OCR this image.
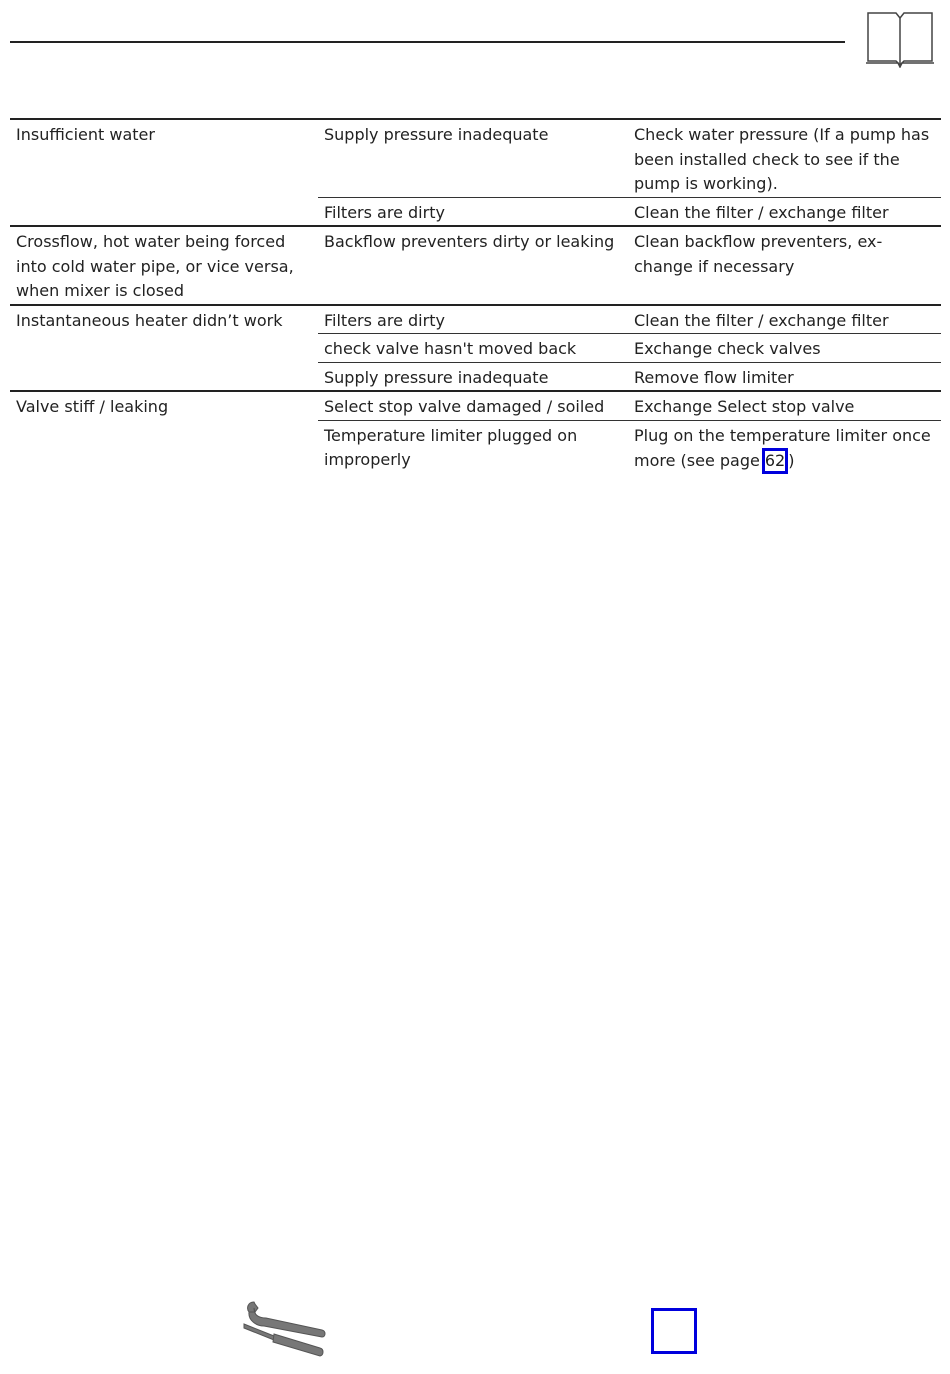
Insufficient water	Supply pressure inadequate	Check water pressure (If a pump has been installed check to see if the pump is working).
	Filters are dirty	Clean the filter / exchange filter
Crossflow, hot water being forced into cold water pipe, or vice versa, when mixer is closed	Backflow preventers dirty or leaking	Clean backflow preventers, ex-change if necessary
Instantaneous heater didn’t work	Filters are dirty	Clean the filter / exchange filter
	check valve hasn't moved back	Exchange check valves
	Supply pressure inadequate	Remove flow limiter
Valve stiff / leaking	Select stop valve damaged / soiled	Exchange Select stop valve
	Temperature limiter plugged on improperly	Plug on the temperature limiter once more (see page 62 )
